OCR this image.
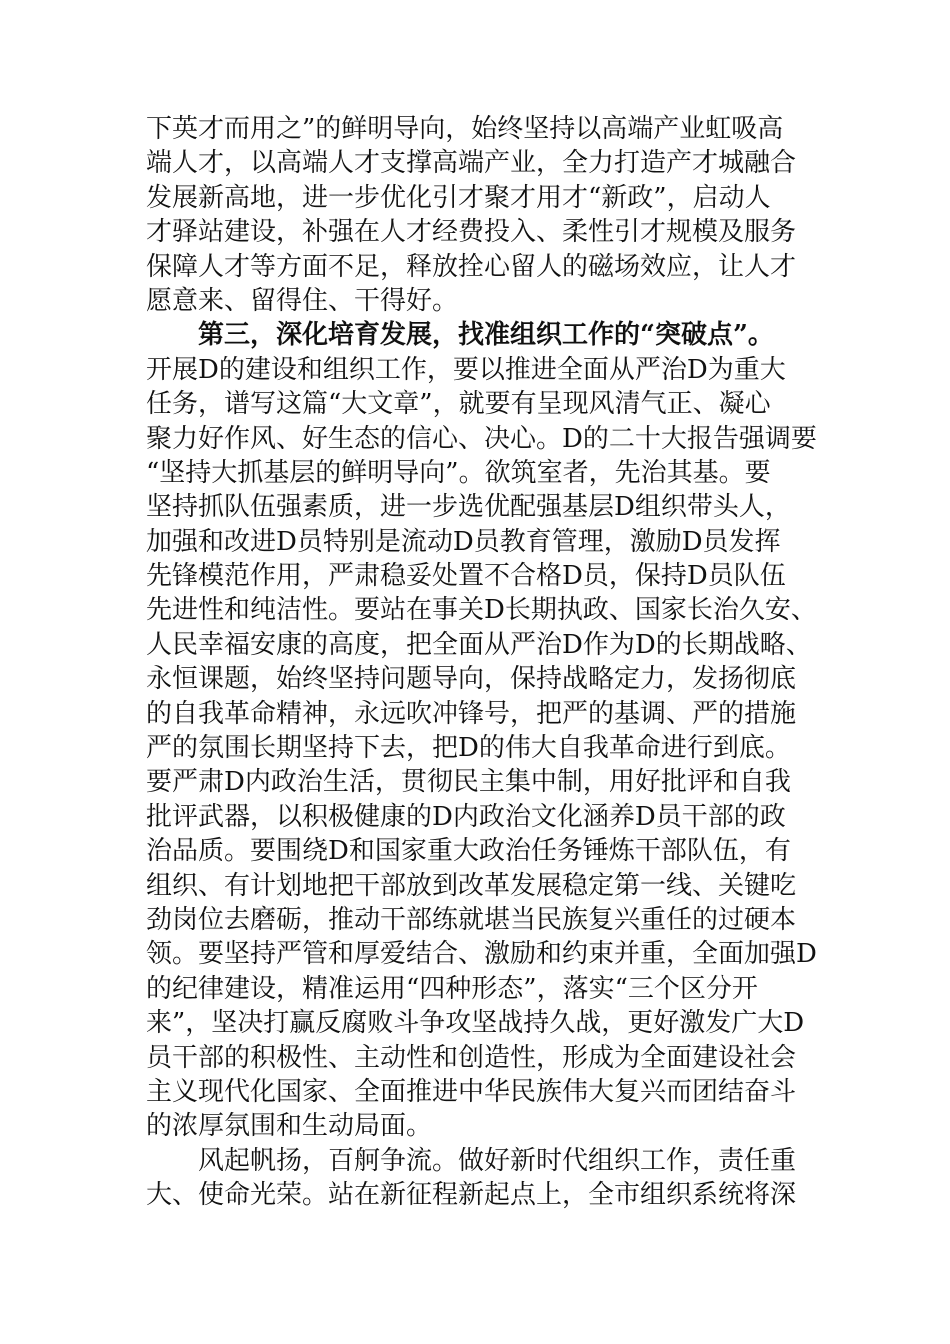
下英才而用之”的鲜明导向，始终坚持以高端产业虹吸高
端人才，以高端人才支撑高端产业，全力打造产才城融合
发展新高地，进一步优化引才聚才用才“新政”，启动人
才驿站建设，补强在人才经费投入、柔性引才规模及服务
保障人才等方面不足，释放拴心留人的磁场效应，让人才
愿意来、留得住、干得好。
第三，深化培育发展，找准组织工作的“突破点”。
开展D的建设和组织工作，要以推进全面从严治D为重大
任务，谱写这篇“大文章”，就要有呈现风清气正、凝心
聚力好作风、好生态的信心、决心。D的二十大报告强调要
“坚持大抓基层的鲜明导向”。欲筑室者，先治其基。要
坚持抓队伍强素质，进一步选优配强基层D组织带头人，
加强和改进D员特别是流动D员教育管理，激励D员发挥
先锋模范作用，严肃稳妥处置不合格D员，保持D员队伍
先进性和纯洁性。要站在事关D长期执政、国家长治久安、
人民幸福安康的高度，把全面从严治D作为D的长期战略、
永恒课题，始终坚持问题导向，保持战略定力，发扬彻底
的自我革命精神，永远吹冲锋号，把严的基调、严的措施
严的氛围长期坚持下去，把D的伟大自我革命进行到底。
要严肃D内政治生活，贯彻民主集中制，用好批评和自我
批评武器，以积极健康的D内政治文化涵养D员干部的政
治品质。要围绕D和国家重大政治任务锤炼干部队伍，有
组织、有计划地把干部放到改革发展稳定第一线、关键吃
劲岗位去磨砺，推动干部练就堪当民族复兴重任的过硬本
领。要坚持严管和厚爱结合、激励和约束并重，全面加强D
的纪律建设，精准运用“四种形态”，落实“三个区分开
来”，坚决打赢反腐败斗争攻坚战持久战，更好激发广大D
员干部的积极性、主动性和创造性，形成为全面建设社会
主义现代化国家、全面推进中华民族伟大复兴而团结奋斗
的浓厚氛围和生动局面。
风起帆扬，百舸争流。做好新时代组织工作，责任重
大、使命光荣。站在新征程新起点上，全市组织系统将深
